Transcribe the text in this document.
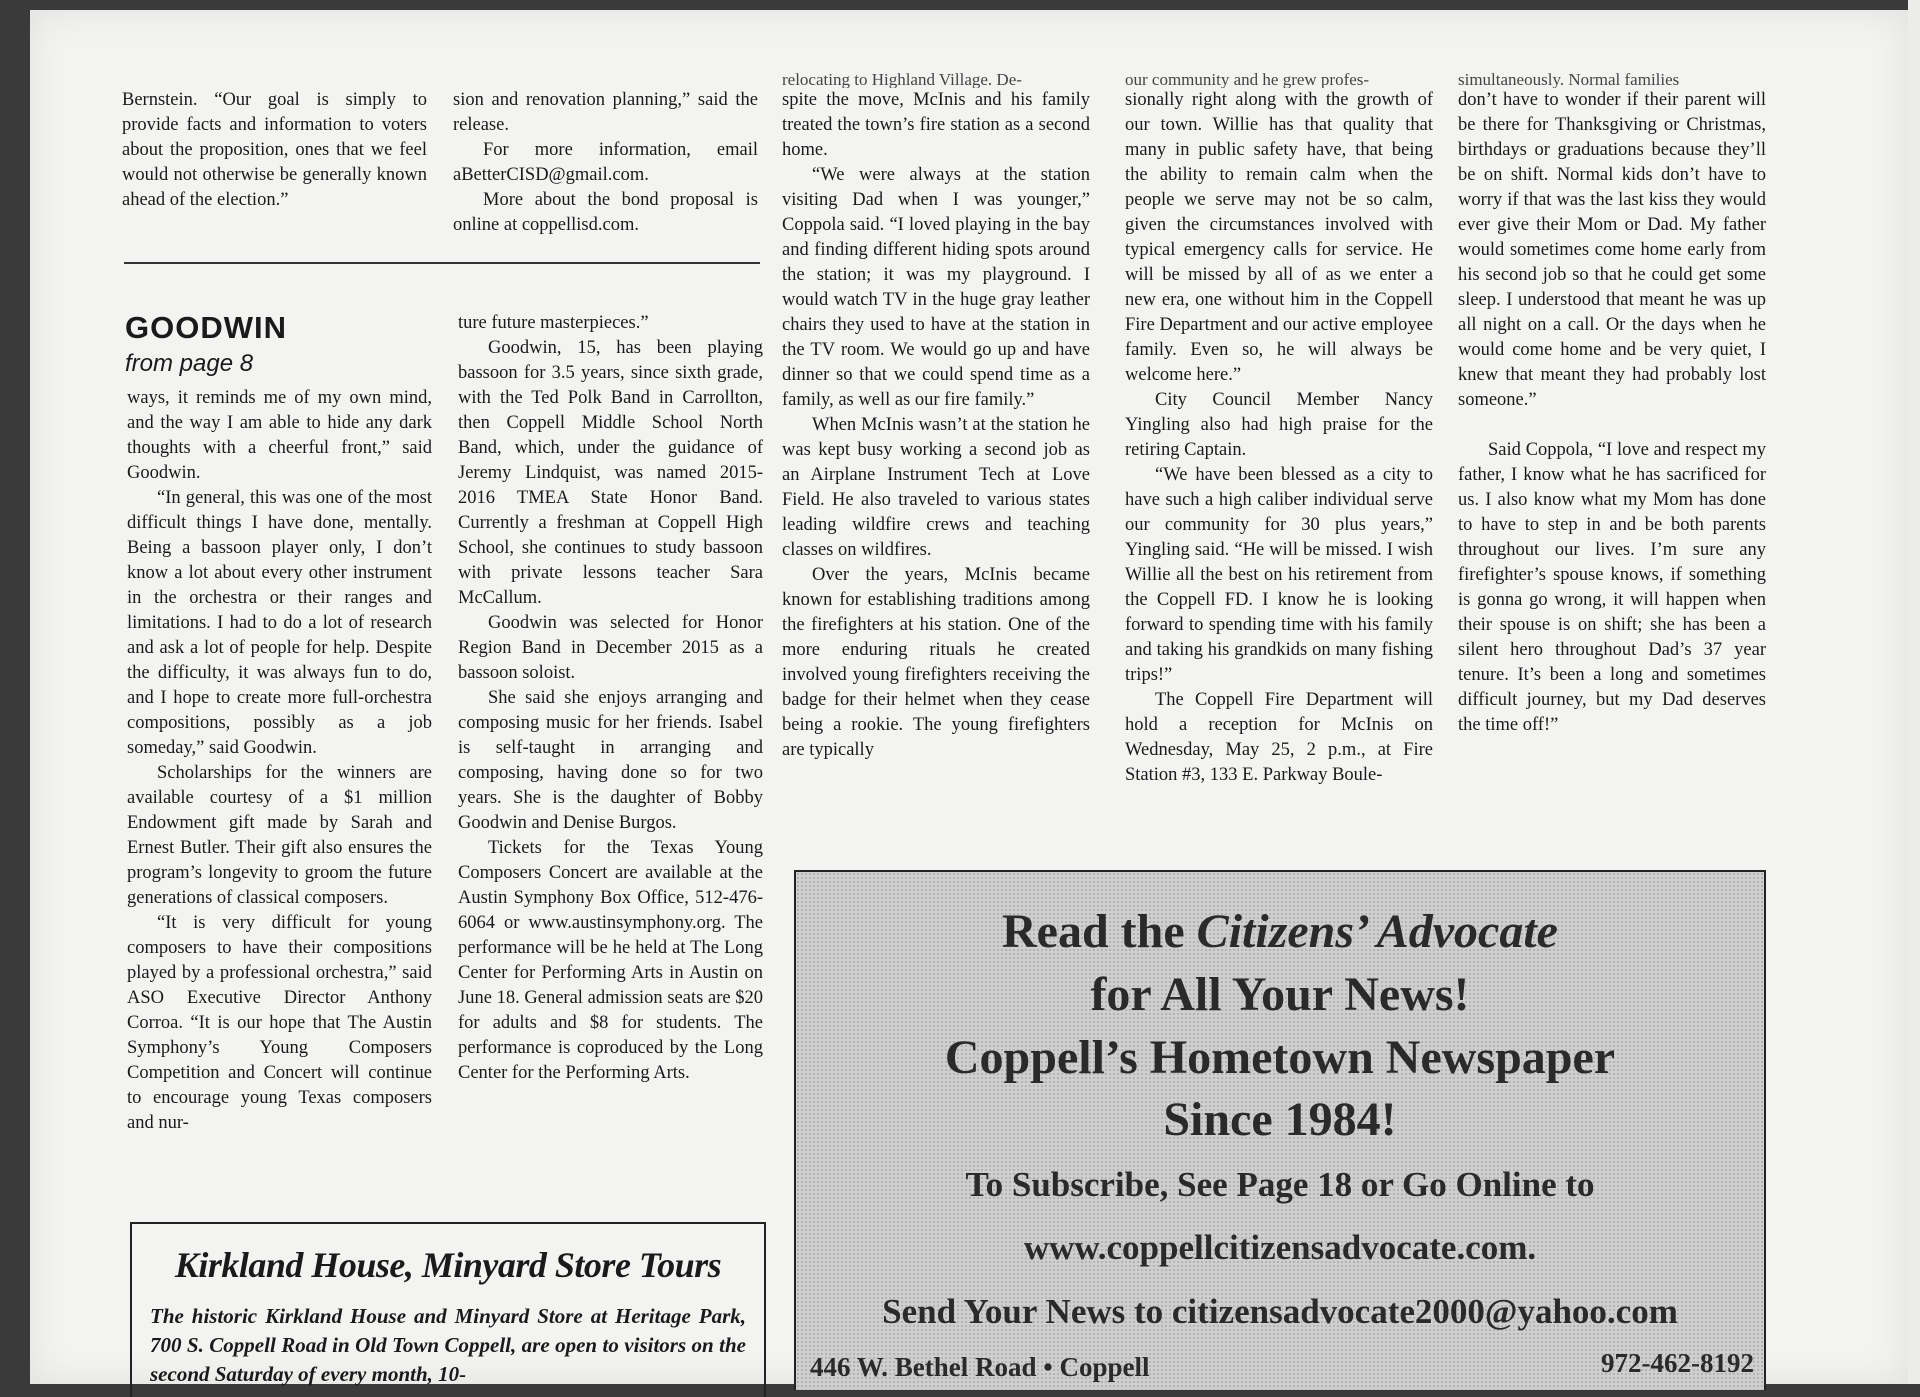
relocating to Highland Village. De-	our community and he grew profes-	simultaneously. Normal families

Bernstein. “Our goal is simply to provide facts and information to voters about the proposition, ones that we feel would not otherwise be generally known ahead of the election.”

sion and renovation planning,” said the release.

For more information, email aBetterCISD@gmail.com.

More about the bond proposal is online at coppellisd.com.

GOODWIN
from page 8

ways, it reminds me of my own mind, and the way I am able to hide any dark thoughts with a cheerful front,” said Goodwin.

“In general, this was one of the most difficult things I have done, mentally. Being a bassoon player only, I don’t know a lot about every other instrument in the orchestra or their ranges and limitations. I had to do a lot of research and ask a lot of people for help. Despite the difficulty, it was always fun to do, and I hope to create more full-orchestra compositions, possibly as a job someday,” said Goodwin.

Scholarships for the winners are available courtesy of a $1 million Endowment gift made by Sarah and Ernest Butler. Their gift also ensures the program’s longevity to groom the future generations of classical composers.

“It is very difficult for young composers to have their compositions played by a professional orchestra,” said ASO Executive Director Anthony Corroa. “It is our hope that The Austin Symphony’s Young Composers Competition and Concert will continue to encourage young Texas composers and nur-

ture future masterpieces.”

Goodwin, 15, has been playing bassoon for 3.5 years, since sixth grade, with the Ted Polk Band in Carrollton, then Coppell Middle School North Band, which, under the guidance of Jeremy Lindquist, was named 2015-2016 TMEA State Honor Band. Currently a freshman at Coppell High School, she continues to study bassoon with private lessons teacher Sara McCallum.

Goodwin was selected for Honor Region Band in December 2015 as a bassoon soloist.

She said she enjoys arranging and composing music for her friends. Isabel is self-taught in arranging and composing, having done so for two years. She is the daughter of Bobby Goodwin and Denise Burgos.

Tickets for the Texas Young Composers Concert are available at the Austin Symphony Box Office, 512-476-6064 or www.austinsymphony.org. The performance will be he held at The Long Center for Performing Arts in Austin on June 18. General admission seats are $20 for adults and $8 for students. The performance is coproduced by the Long Center for the Performing Arts.

spite the move, McInis and his family treated the town’s fire station as a second home.

“We were always at the station visiting Dad when I was younger,” Coppola said. “I loved playing in the bay and finding different hiding spots around the station; it was my playground. I would watch TV in the huge gray leather chairs they used to have at the station in the TV room. We would go up and have dinner so that we could spend time as a family, as well as our fire family.”

When McInis wasn’t at the station he was kept busy working a second job as an Airplane Instrument Tech at Love Field. He also traveled to various states leading wildfire crews and teaching classes on wildfires.

Over the years, McInis became known for establishing traditions among the firefighters at his station. One of the more enduring rituals he created involved young firefighters receiving the badge for their helmet when they cease being a rookie. The young firefighters are typically

sionally right along with the growth of our town. Willie has that quality that many in public safety have, that being the ability to remain calm when the people we serve may not be so calm, given the circumstances involved with typical emergency calls for service. He will be missed by all of as we enter a new era, one without him in the Coppell Fire Department and our active employee family. Even so, he will always be welcome here.”

City Council Member Nancy Yingling also had high praise for the retiring Captain.

“We have been blessed as a city to have such a high caliber individual serve our community for 30 plus years,” Yingling said. “He will be missed. I wish Willie all the best on his retirement from the Coppell FD. I know he is looking forward to spending time with his family and taking his grandkids on many fishing trips!”

The Coppell Fire Department will hold a reception for McInis on Wednesday, May 25, 2 p.m., at Fire Station #3, 133 E. Parkway Boule-

don’t have to wonder if their parent will be there for Thanksgiving or Christmas, birthdays or graduations because they’ll be on shift. Normal kids don’t have to worry if that was the last kiss they would ever give their Mom or Dad. My father would sometimes come home early from his second job so that he could get some sleep. I understood that meant he was up all night on a call. Or the days when he would come home and be very quiet, I knew that meant they had probably lost someone.”

Said Coppola, “I love and respect my father, I know what he has sacrificed for us. I also know what my Mom has done to have to step in and be both parents throughout our lives. I’m sure any firefighter’s spouse knows, if something is gonna go wrong, it will happen when their spouse is on shift; she has been a silent hero throughout Dad’s 37 year tenure. It’s been a long and sometimes difficult journey, but my Dad deserves the time off!”

Kirkland House, Minyard Store Tours
The historic Kirkland House and Minyard Store at Heritage Park, 700 S. Coppell Road in Old Town Coppell, are open to visitors on the second Saturday of every month, 10-
Read the Citizens’ Advocate
for All Your News!
Coppell’s Hometown Newspaper
Since 1984!
To Subscribe, See Page 18 or Go Online to
www.coppellcitizensadvocate.com.
Send Your News to citizensadvocate2000@yahoo.com
446 W. Bethel Road • Coppell	972-462-8192
